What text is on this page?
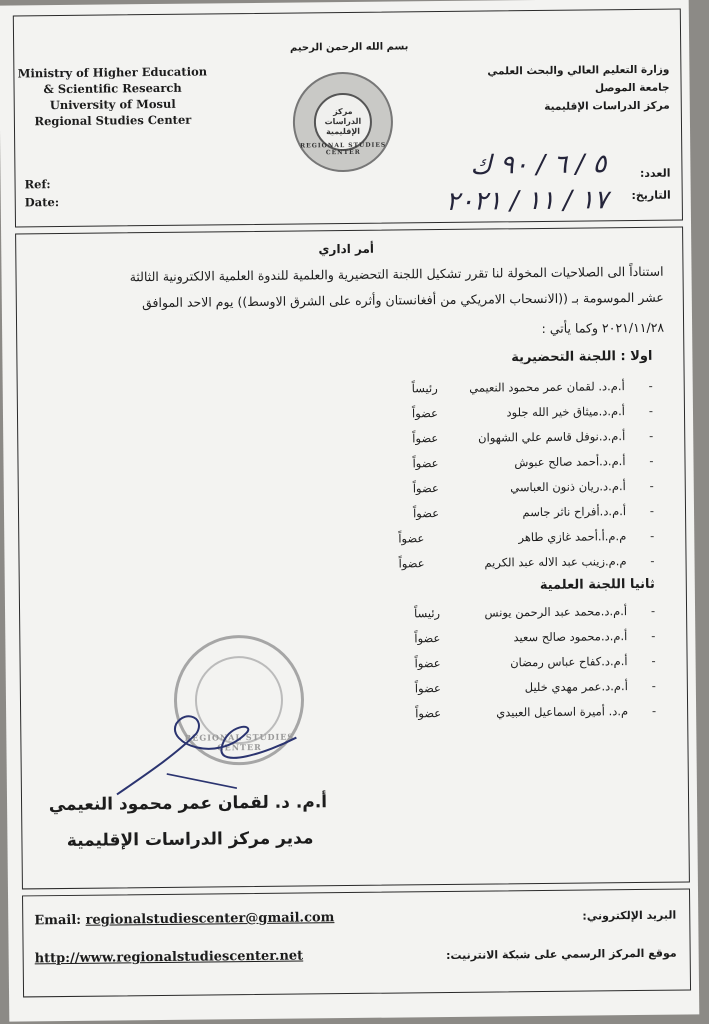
بسم الله الرحمن الرحيم
Ministry of Higher Education
& Scientific Research
University of Mosul
Regional Studies Center
وزارة التعليم العالي والبحث العلمي
جامعة الموصل
مركز الدراسات الإقليمية
مركز الدراسات الإقليمية
REGIONAL STUDIES CENTER
Ref:
Date:
العدد:
التاريخ:
٥ / ٦ / ٩٠ ك
١٧ / ١١ / ٢٠٢١
أمر اداري
استناداً الى الصلاحيات المخولة لنا تقرر تشكيل اللجنة التحضيرية والعلمية للندوة العلمية الالكترونية الثالثة
عشر الموسومة بـ ((الانسحاب الامريكي من أفغانستان وأثره على الشرق الاوسط)) يوم الاحد الموافق
٢٠٢١/١١/٢٨ وكما يأتي :
اولا : اللجنة التحضيرية
-
أ.م.د. لقمان عمر محمود النعيمي
رئيساً
-
أ.م.د.ميثاق خير الله جلود
عضواً
-
أ.م.د.نوفل قاسم علي الشهوان
عضواً
-
أ.م.د.أحمد صالح عبوش
عضواً
-
أ.م.د.ريان ذنون العباسي
عضواً
-
أ.م.د.أفراح ناثر جاسم
عضواً
-
م.م.أ.أحمد غازي طاهر
عضواً
-
م.م.زينب عبد الاله عبد الكريم
عضواً
ثانيا اللجنة العلمية
-
أ.م.د.محمد عبد الرحمن يونس
رئيساً
-
أ.م.د.محمود صالح سعيد
عضواً
-
أ.م.د.كفاح عباس رمضان
عضواً
-
أ.م.د.عمر مهدي خليل
عضواً
-
م.د. أميرة اسماعيل العبيدي
عضواً
REGIONAL STUDIES CENTER
أ.م. د. لقمان عمر محمود النعيمي
مدير مركز الدراسات الإقليمية
Email: regionalstudiescenter@gmail.com	البريد الإلكتروني:
http://www.regionalstudiescenter.net	موقع المركز الرسمي على شبكة الانترنيت:
